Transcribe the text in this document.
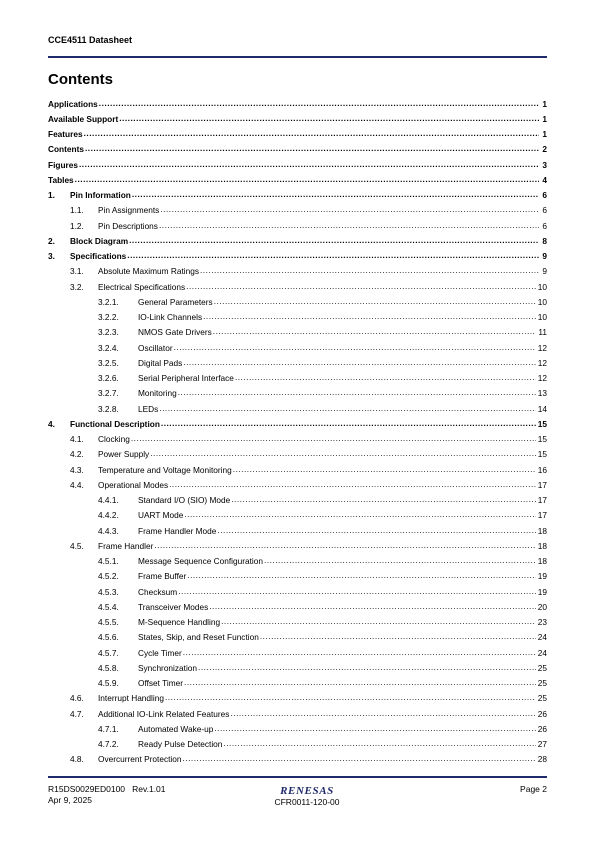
CCE4511 Datasheet
Contents
Applications .....	1
Available Support .....	1
Features .....	1
Contents .....	2
Figures .....	3
Tables .....	4
1. Pin Information .....	6
1.1. Pin Assignments .....	6
1.2. Pin Descriptions .....	6
2. Block Diagram .....	8
3. Specifications .....	9
3.1. Absolute Maximum Ratings .....	9
3.2. Electrical Specifications .....	10
3.2.1. General Parameters .....	10
3.2.2. IO-Link Channels .....	10
3.2.3. NMOS Gate Drivers .....	11
3.2.4. Oscillator .....	12
3.2.5. Digital Pads .....	12
3.2.6. Serial Peripheral Interface .....	12
3.2.7. Monitoring .....	13
3.2.8. LEDs .....	14
4. Functional Description .....	15
4.1. Clocking .....	15
4.2. Power Supply .....	15
4.3. Temperature and Voltage Monitoring .....	16
4.4. Operational Modes .....	17
4.4.1. Standard I/O (SIO) Mode .....	17
4.4.2. UART Mode .....	17
4.4.3. Frame Handler Mode .....	18
4.5. Frame Handler .....	18
4.5.1. Message Sequence Configuration .....	18
4.5.2. Frame Buffer .....	19
4.5.3. Checksum .....	19
4.5.4. Transceiver Modes .....	20
4.5.5. M-Sequence Handling .....	23
4.5.6. States, Skip, and Reset Function .....	24
4.5.7. Cycle Timer .....	24
4.5.8. Synchronization .....	25
4.5.9. Offset Timer .....	25
4.6. Interrupt Handling .....	25
4.7. Additional IO-Link Related Features .....	26
4.7.1. Automated Wake-up .....	26
4.7.2. Ready Pulse Detection .....	27
4.8. Overcurrent Protection .....	28
R15DS0029ED0100 Rev.1.01
Apr 9, 2025
RENESAS
CFR0011-120-00
Page 2
